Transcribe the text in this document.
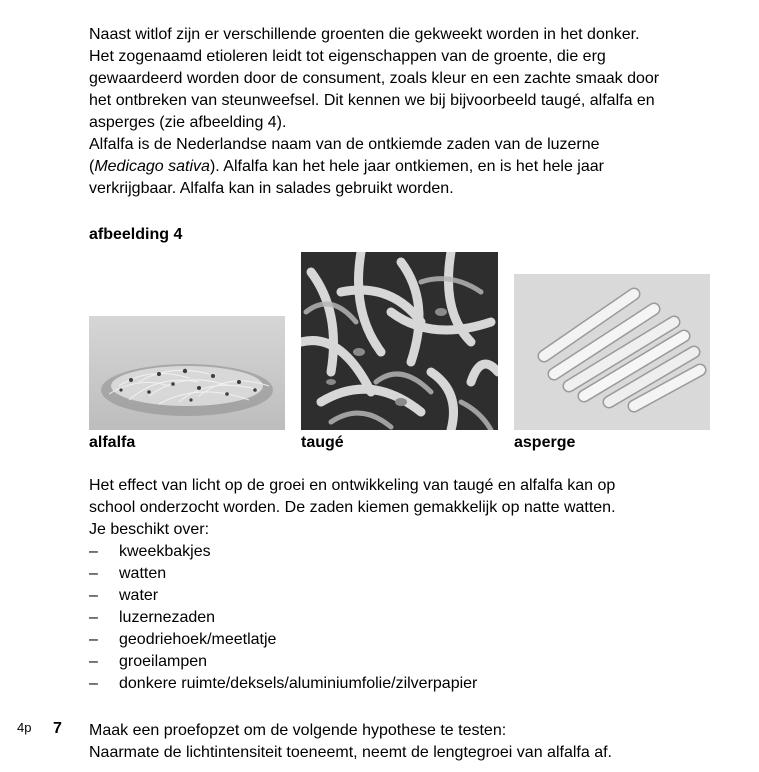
Naast witlof zijn er verschillende groenten die gekweekt worden in het donker.
Het zogenaamd etioleren leidt tot eigenschappen van de groente, die erg
gewaardeerd worden door de consument, zoals kleur en een zachte smaak door
het ontbreken van steunweefsel. Dit kennen we bij bijvoorbeeld taugé, alfalfa en
asperges (zie afbeelding 4).
Alfalfa is de Nederlandse naam van de ontkiemde zaden van de luzerne
(Medicago sativa). Alfalfa kan het hele jaar ontkiemen, en is het hele jaar
verkrijgbaar. Alfalfa kan in salades gebruikt worden.
afbeelding 4
alfalfa	taugé	asperge
Het effect van licht op de groei en ontwikkeling van taugé en alfalfa kan op
school onderzocht worden. De zaden kiemen gemakkelijk op natte watten.
Je beschikt over:
– kweekbakjes
– watten
– water
– luzernezaden
– geodriehoek/meetlatje
– groeilampen
– donkere ruimte/deksels/aluminiumfolie/zilverpapier
4p 7 Maak een proefopzet om de volgende hypothese te testen:
Naarmate de lichtintensiteit toeneemt, neemt de lengtegroei van alfalfa af.
